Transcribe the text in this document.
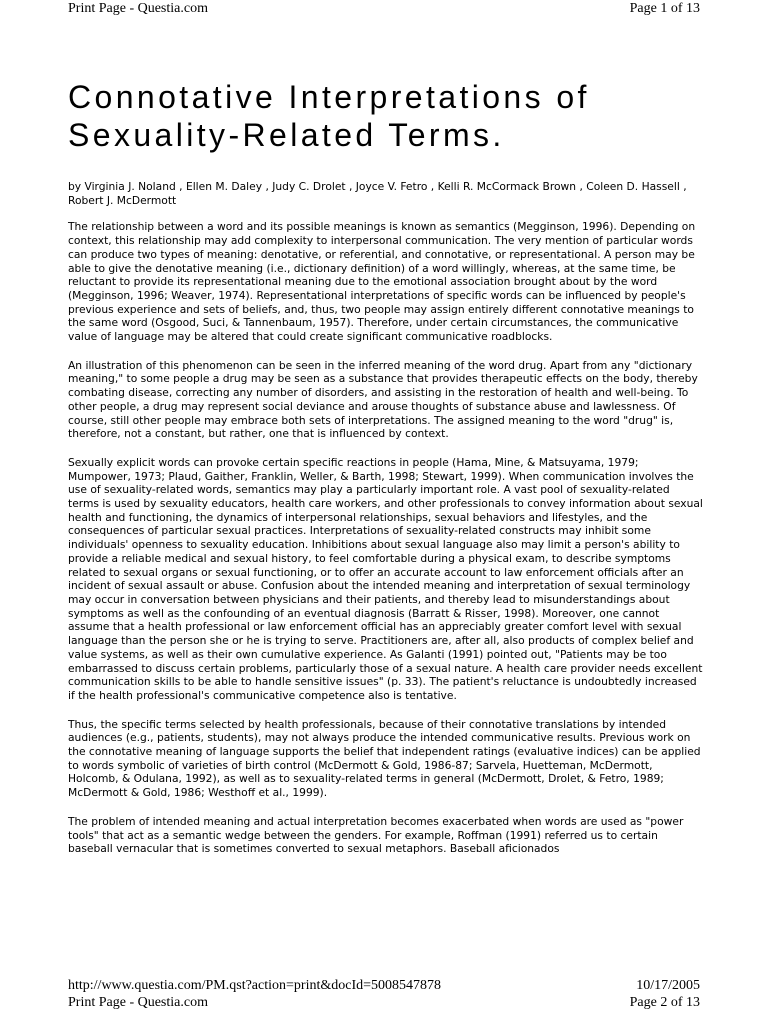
Print Page - Questia.com	Page 1 of 13
Connotative Interpretations of
Sexuality-Related Terms.

by Virginia J. Noland , Ellen M. Daley , Judy C. Drolet , Joyce V. Fetro , Kelli R. McCormack Brown , Coleen D. Hassell , Robert J. McDermott

The relationship between a word and its possible meanings is known as semantics (Megginson, 1996). Depending on context, this relationship may add complexity to interpersonal communication. The very mention of particular words can produce two types of meaning: denotative, or referential, and connotative, or representational. A person may be able to give the denotative meaning (i.e., dictionary definition) of a word willingly, whereas, at the same time, be reluctant to provide its representational meaning due to the emotional association brought about by the word (Megginson, 1996; Weaver, 1974). Representational interpretations of specific words can be influenced by people's previous experience and sets of beliefs, and, thus, two people may assign entirely different connotative meanings to the same word (Osgood, Suci, & Tannenbaum, 1957). Therefore, under certain circumstances, the communicative value of language may be altered that could create significant communicative roadblocks.

An illustration of this phenomenon can be seen in the inferred meaning of the word drug. Apart from any "dictionary meaning," to some people a drug may be seen as a substance that provides therapeutic effects on the body, thereby combating disease, correcting any number of disorders, and assisting in the restoration of health and well-being. To other people, a drug may represent social deviance and arouse thoughts of substance abuse and lawlessness. Of course, still other people may embrace both sets of interpretations. The assigned meaning to the word "drug" is, therefore, not a constant, but rather, one that is influenced by context.

Sexually explicit words can provoke certain specific reactions in people (Hama, Mine, & Matsuyama, 1979; Mumpower, 1973; Plaud, Gaither, Franklin, Weller, & Barth, 1998; Stewart, 1999). When communication involves the use of sexuality-related words, semantics may play a particularly important role. A vast pool of sexuality-related terms is used by sexuality educators, health care workers, and other professionals to convey information about sexual health and functioning, the dynamics of interpersonal relationships, sexual behaviors and lifestyles, and the consequences of particular sexual practices. Interpretations of sexuality-related constructs may inhibit some individuals' openness to sexuality education. Inhibitions about sexual language also may limit a person's ability to provide a reliable medical and sexual history, to feel comfortable during a physical exam, to describe symptoms related to sexual organs or sexual functioning, or to offer an accurate account to law enforcement officials after an incident of sexual assault or abuse. Confusion about the intended meaning and interpretation of sexual terminology may occur in conversation between physicians and their patients, and thereby lead to misunderstandings about symptoms as well as the confounding of an eventual diagnosis (Barratt & Risser, 1998). Moreover, one cannot assume that a health professional or law enforcement official has an appreciably greater comfort level with sexual language than the person she or he is trying to serve. Practitioners are, after all, also products of complex belief and value systems, as well as their own cumulative experience. As Galanti (1991) pointed out, "Patients may be too embarrassed to discuss certain problems, particularly those of a sexual nature. A health care provider needs excellent communication skills to be able to handle sensitive issues" (p. 33). The patient's reluctance is undoubtedly increased if the health professional's communicative competence also is tentative.

Thus, the specific terms selected by health professionals, because of their connotative translations by intended audiences (e.g., patients, students), may not always produce the intended communicative results. Previous work on the connotative meaning of language supports the belief that independent ratings (evaluative indices) can be applied to words symbolic of varieties of birth control (McDermott & Gold, 1986-87; Sarvela, Huetteman, McDermott, Holcomb, & Odulana, 1992), as well as to sexuality-related terms in general (McDermott, Drolet, & Fetro, 1989; McDermott & Gold, 1986; Westhoff et al., 1999).

The problem of intended meaning and actual interpretation becomes exacerbated when words are used as "power tools" that act as a semantic wedge between the genders. For example, Roffman (1991) referred us to certain baseball vernacular that is sometimes converted to sexual metaphors. Baseball aficionados

http://www.questia.com/PM.qst?action=print&docId=5008547878	10/17/2005
Print Page - Questia.com	Page 2 of 13
